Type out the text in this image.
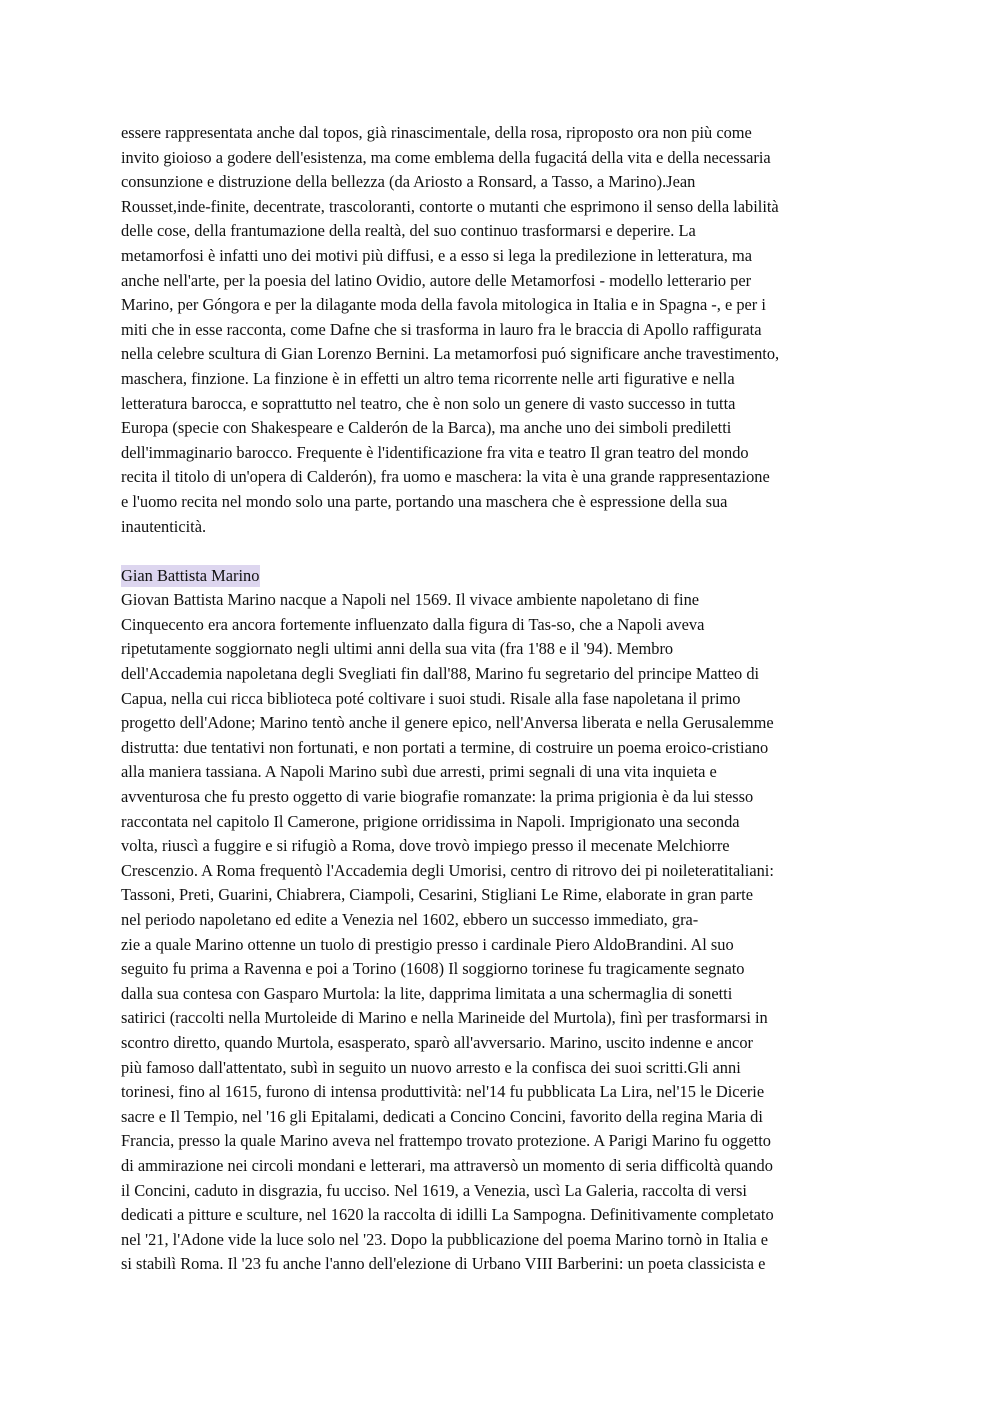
essere rappresentata anche dal topos, già rinascimentale, della rosa, riproposto ora non più come
invito gioioso a godere dell'esistenza, ma come emblema della fugacitá della vita e della necessaria
consunzione e distruzione della bellezza (da Ariosto a Ronsard, a Tasso, a Marino).Jean
Rousset,inde-finite, decentrate, trascoloranti, contorte o mutanti che esprimono il senso della labilità
delle cose, della frantumazione della realtà, del suo continuo trasformarsi e deperire. La
metamorfosi è infatti uno dei motivi più diffusi, e a esso si lega la predilezione in letteratura, ma
anche nell'arte, per la poesia del latino Ovidio, autore delle Metamorfosi - modello letterario per
Marino, per Góngora e per la dilagante moda della favola mitologica in Italia e in Spagna -, e per i
miti che in esse racconta, come Dafne che si trasforma in lauro fra le braccia di Apollo raffigurata
nella celebre scultura di Gian Lorenzo Bernini. La metamorfosi puó significare anche travestimento,
maschera, finzione. La finzione è in effetti un altro tema ricorrente nelle arti figurative e nella
letteratura barocca, e soprattutto nel teatro, che è non solo un genere di vasto successo in tutta
Europa (specie con Shakespeare e Calderón de la Barca), ma anche uno dei simboli prediletti
dell'immaginario barocco. Frequente è l'identificazione fra vita e teatro Il gran teatro del mondo
recita il titolo di un'opera di Calderón), fra uomo e maschera: la vita è una grande rappresentazione
e l'uomo recita nel mondo solo una parte, portando una maschera che è espressione della sua
inautenticità.
Gian Battista Marino
Giovan Battista Marino nacque a Napoli nel 1569. Il vivace ambiente napoletano di fine
Cinquecento era ancora fortemente influenzato dalla figura di Tas-so, che a Napoli aveva
ripetutamente soggiornato negli ultimi anni della sua vita (fra 1'88 e il '94). Membro
dell'Accademia napoletana degli Svegliati fin dall'88, Marino fu segretario del principe Matteo di
Capua, nella cui ricca biblioteca poté coltivare i suoi studi. Risale alla fase napoletana il primo
progetto dell'Adone; Marino tentò anche il genere epico, nell'Anversa liberata e nella Gerusalemme
distrutta: due tentativi non fortunati, e non portati a termine, di costruire un poema eroico-cristiano
alla maniera tassiana. A Napoli Marino subì due arresti, primi segnali di una vita inquieta e
avventurosa che fu presto oggetto di varie biografie romanzate: la prima prigionia è da lui stesso
raccontata nel capitolo Il Camerone, prigione orridissima in Napoli. Imprigionato una seconda
volta, riuscì a fuggire e si rifugiò a Roma, dove trovò impiego presso il mecenate Melchiorre
Crescenzio. A Roma frequentò l'Accademia degli Umorisi, centro di ritrovo dei pi noileteratitaliani:
Tassoni, Preti, Guarini, Chiabrera, Ciampoli, Cesarini, Stigliani Le Rime, elaborate in gran parte
nel periodo napoletano ed edite a Venezia nel 1602, ebbero un successo immediato, gra-
zie a quale Marino ottenne un tuolo di prestigio presso i cardinale Piero AldoBrandini. Al suo
seguito fu prima a Ravenna e poi a Torino (1608) Il soggiorno torinese fu tragicamente segnato
dalla sua contesa con Gasparo Murtola: la lite, dapprima limitata a una schermaglia di sonetti
satirici (raccolti nella Murtoleide di Marino e nella Marineide del Murtola), finì per trasformarsi in
scontro diretto, quando Murtola, esasperato, sparò all'avversario. Marino, uscito indenne e ancor
più famoso dall'attentato, subì in seguito un nuovo arresto e la confisca dei suoi scritti.Gli anni
torinesi, fino al 1615, furono di intensa produttività: nel'14 fu pubblicata La Lira, nel'15 le Dicerie
sacre e Il Tempio, nel '16 gli Epitalami, dedicati a Concino Concini, favorito della regina Maria di
Francia, presso la quale Marino aveva nel frattempo trovato protezione. A Parigi Marino fu oggetto
di ammirazione nei circoli mondani e letterari, ma attraversò un momento di seria difficoltà quando
il Concini, caduto in disgrazia, fu ucciso. Nel 1619, a Venezia, uscì La Galeria, raccolta di versi
dedicati a pitture e sculture, nel 1620 la raccolta di idilli La Sampogna. Definitivamente completato
nel '21, l'Adone vide la luce solo nel '23. Dopo la pubblicazione del poema Marino tornò in Italia e
si stabilì Roma. Il '23 fu anche l'anno dell'elezione di Urbano VIII Barberini: un poeta classicista e
